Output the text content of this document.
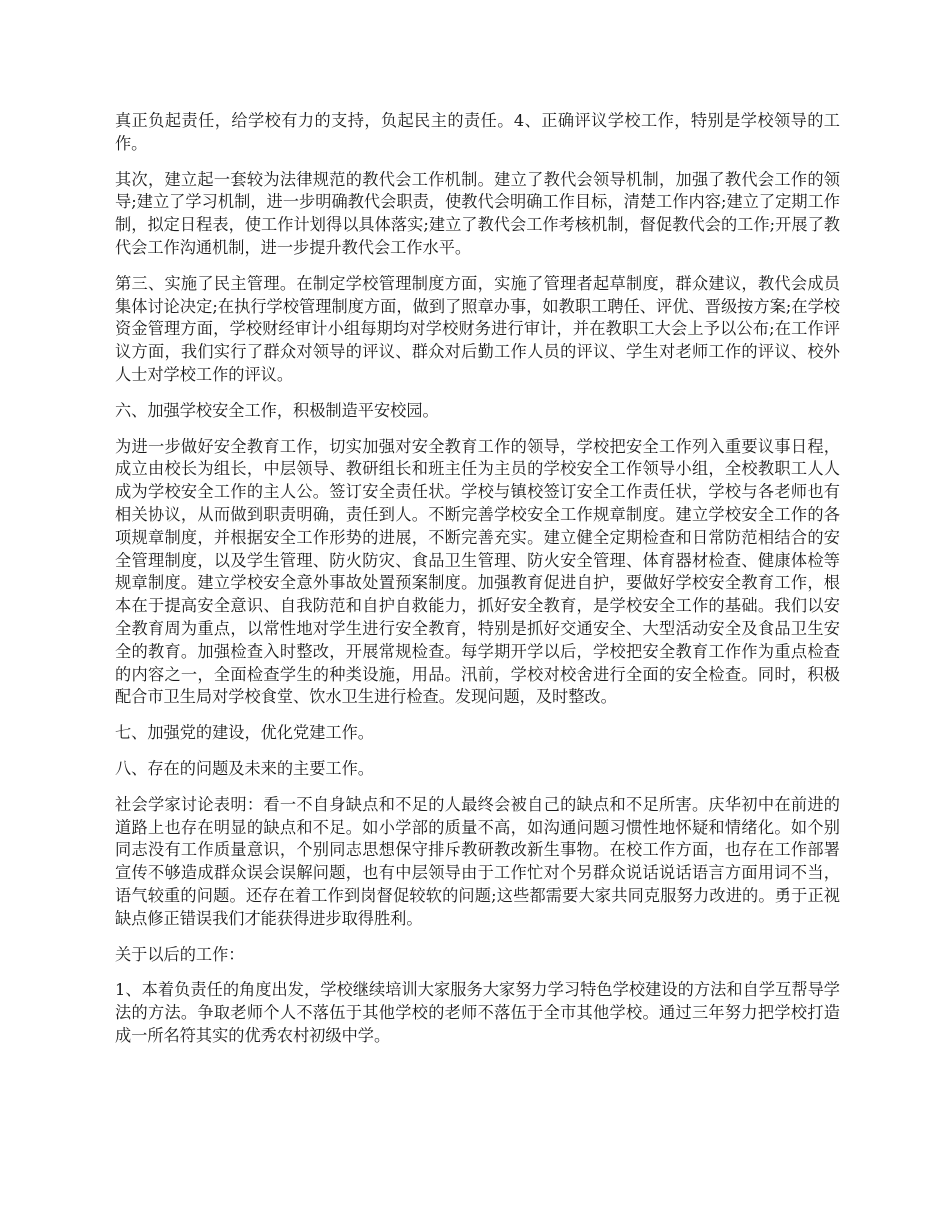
真正负起责任，给学校有力的支持，负起民主的责任。4、正确评议学校工作，特别是学校领导的工作。

其次，建立起一套较为法律规范的教代会工作机制。建立了教代会领导机制，加强了教代会工作的领导;建立了学习机制，进一步明确教代会职责，使教代会明确工作目标，清楚工作内容;建立了定期工作制，拟定日程表，使工作计划得以具体落实;建立了教代会工作考核机制，督促教代会的工作;开展了教代会工作沟通机制，进一步提升教代会工作水平。

第三、实施了民主管理。在制定学校管理制度方面，实施了管理者起草制度，群众建议，教代会成员集体讨论决定;在执行学校管理制度方面，做到了照章办事，如教职工聘任、评优、晋级按方案;在学校资金管理方面，学校财经审计小组每期均对学校财务进行审计，并在教职工大会上予以公布;在工作评议方面，我们实行了群众对领导的评议、群众对后勤工作人员的评议、学生对老师工作的评议、校外人士对学校工作的评议。

六、加强学校安全工作，积极制造平安校园。

为进一步做好安全教育工作，切实加强对安全教育工作的领导，学校把安全工作列入重要议事日程，成立由校长为组长，中层领导、教研组长和班主任为主员的学校安全工作领导小组，全校教职工人人成为学校安全工作的主人公。签订安全责任状。学校与镇校签订安全工作责任状，学校与各老师也有相关协议，从而做到职责明确，责任到人。不断完善学校安全工作规章制度。建立学校安全工作的各项规章制度，并根据安全工作形势的进展，不断完善充实。建立健全定期检查和日常防范相结合的安全管理制度，以及学生管理、防火防灾、食品卫生管理、防火安全管理、体育器材检查、健康体检等规章制度。建立学校安全意外事故处置预案制度。加强教育促进自护，要做好学校安全教育工作，根本在于提高安全意识、自我防范和自护自救能力，抓好安全教育，是学校安全工作的基础。我们以安全教育周为重点，以常性地对学生进行安全教育，特别是抓好交通安全、大型活动安全及食品卫生安全的教育。加强检查入时整改，开展常规检查。每学期开学以后，学校把安全教育工作作为重点检查的内容之一，全面检查学生的种类设施，用品。汛前，学校对校舍进行全面的安全检查。同时，积极配合市卫生局对学校食堂、饮水卫生进行检查。发现问题，及时整改。

七、加强党的建设，优化党建工作。

八、存在的问题及未来的主要工作。

社会学家讨论表明：看一不自身缺点和不足的人最终会被自己的缺点和不足所害。庆华初中在前进的道路上也存在明显的缺点和不足。如小学部的质量不高，如沟通问题习惯性地怀疑和情绪化。如个别同志没有工作质量意识，个别同志思想保守排斥教研教改新生事物。在校工作方面，也存在工作部署宣传不够造成群众误会误解问题，也有中层领导由于工作忙对个另群众说话说话语言方面用词不当，语气较重的问题。还存在着工作到岗督促较软的问题;这些都需要大家共同克服努力改进的。勇于正视缺点修正错误我们才能获得进步取得胜利。

关于以后的工作：

1、本着负责任的角度出发，学校继续培训大家服务大家努力学习特色学校建设的方法和自学互帮导学法的方法。争取老师个人不落伍于其他学校的老师不落伍于全市其他学校。通过三年努力把学校打造成一所名符其实的优秀农村初级中学。
